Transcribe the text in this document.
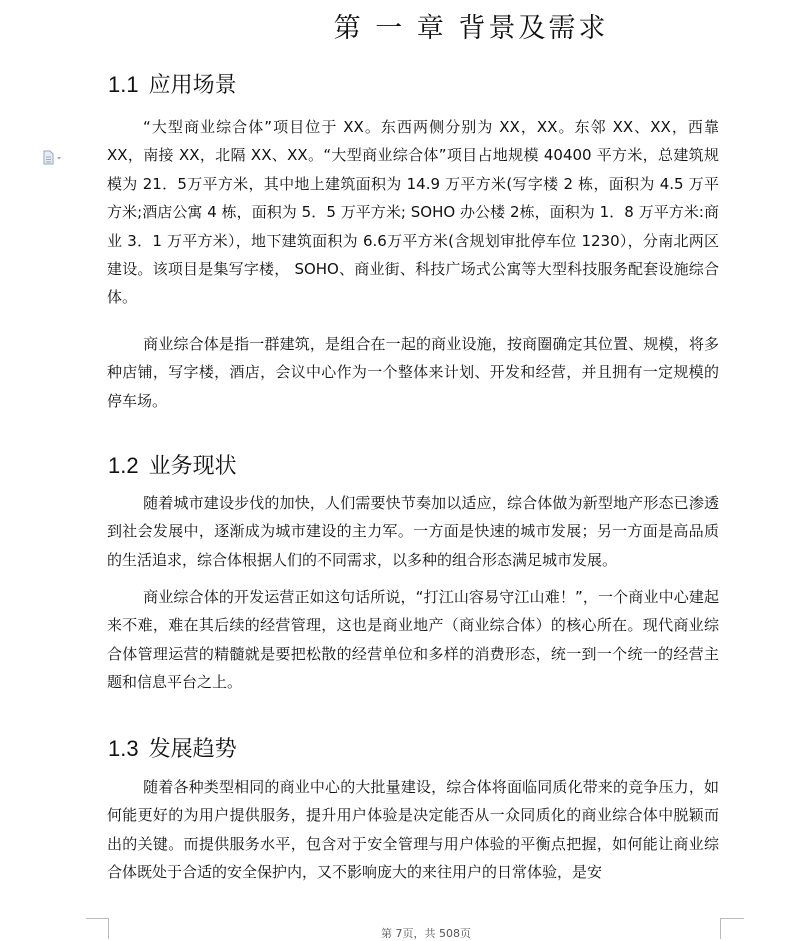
第 一 章 背景及需求
1.1 应用场景
“大型商业综合体”项目位于 XX。东西两侧分别为 XX，XX。东邻 XX、XX，西靠 XX，南接 XX，北隔 XX、XX。“大型商业综合体”项目占地规模 40400 平方米，总建筑规模为 21．5万平方米，其中地上建筑面积为 14.9 万平方米(写字楼 2 栋，面积为 4.5 万平方米;酒店公寓 4 栋，面积为 5．5 万平方米; SOHO 办公楼 2栋，面积为 1．8 万平方米:商业 3．1 万平方米），地下建筑面积为 6.6万平方米(含规划审批停车位 1230），分南北两区建设。该项目是集写字楼， SOHO、商业街、科技广场式公寓等大型科技服务配套设施综合体。
商业综合体是指一群建筑，是组合在一起的商业设施，按商圈确定其位置、规模，将多种店铺，写字楼，酒店，会议中心作为一个整体来计划、开发和经营，并且拥有一定规模的停车场。
1.2 业务现状
随着城市建设步伐的加快，人们需要快节奏加以适应，综合体做为新型地产形态已渗透到社会发展中，逐渐成为城市建设的主力军。一方面是快速的城市发展；另一方面是高品质的生活追求，综合体根据人们的不同需求，以多种的组合形态满足城市发展。
商业综合体的开发运营正如这句话所说，“打江山容易守江山难！”，一个商业中心建起来不难，难在其后续的经营管理，这也是商业地产（商业综合体）的核心所在。现代商业综合体管理运营的精髓就是要把松散的经营单位和多样的消费形态，统一到一个统一的经营主题和信息平台之上。
1.3 发展趋势
随着各种类型相同的商业中心的大批量建设，综合体将面临同质化带来的竞争压力，如何能更好的为用户提供服务，提升用户体验是决定能否从一众同质化的商业综合体中脱颖而出的关键。而提供服务水平，包含对于安全管理与用户体验的平衡点把握，如何能让商业综合体既处于合适的安全保护内，又不影响庞大的来往用户的日常体验，是安
第 7页，共 508页
